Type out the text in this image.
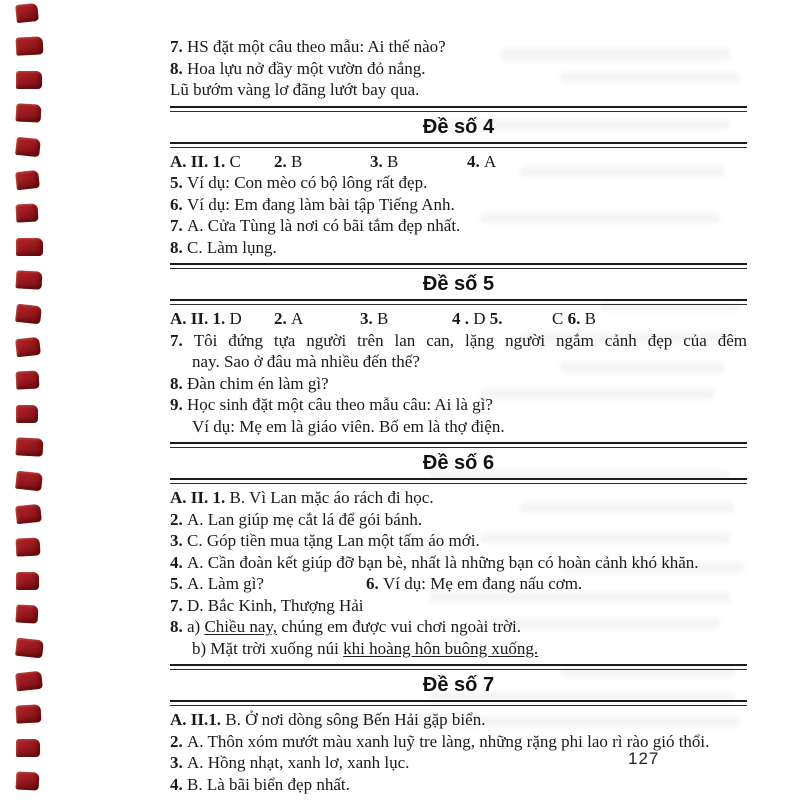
7. HS đặt một câu theo mẫu: Ai thế nào?
8. Hoa lựu nở đầy một vườn đỏ nắng.
Lũ bướm vàng lơ đãng lướt bay qua.
Đề số 4
A. II. 1. C	2. B	3. B	4. A
5. Ví dụ: Con mèo có bộ lông rất đẹp.
6. Ví dụ: Em đang làm bài tập Tiếng Anh.
7. A. Cửa Tùng là nơi có bãi tắm đẹp nhất.
8. C. Làm lụng.
Đề số 5
A. II. 1. D	2. A	3. B	4 . D 5.	C 6. B
7. Tôi đứng tựa người trên lan can, lặng người ngắm cảnh đẹp của đêm
nay. Sao ở đâu mà nhiều đến thế?
8. Đàn chim én làm gì?
9. Học sinh đặt một câu theo mẫu câu: Ai là gì?
Ví dụ: Mẹ em là giáo viên. Bố em là thợ điện.
Đề số 6
A. II. 1. B. Vì Lan mặc áo rách đi học.
2. A. Lan giúp mẹ cắt lá để gói bánh.
3. C. Góp tiền mua tặng Lan một tấm áo mới.
4. A. Cần đoàn kết giúp đỡ bạn bè, nhất là những bạn có hoàn cảnh khó khăn.
5. A. Làm gì?	6. Ví dụ: Mẹ em đang nấu cơm.
7. D. Bắc Kinh, Thượng Hải
8. a) Chiều nay, chúng em được vui chơi ngoài trời.
b) Mặt trời xuống núi khi hoàng hôn buông xuống.
Đề số 7
A. II.1. B. Ở nơi dòng sông Bến Hải gặp biển.
2. A. Thôn xóm mướt màu xanh luỹ tre làng, những rặng phi lao rì rào gió thổi.
3. A. Hồng nhạt, xanh lơ, xanh lục.
4. B. Là bãi biển đẹp nhất.
127
